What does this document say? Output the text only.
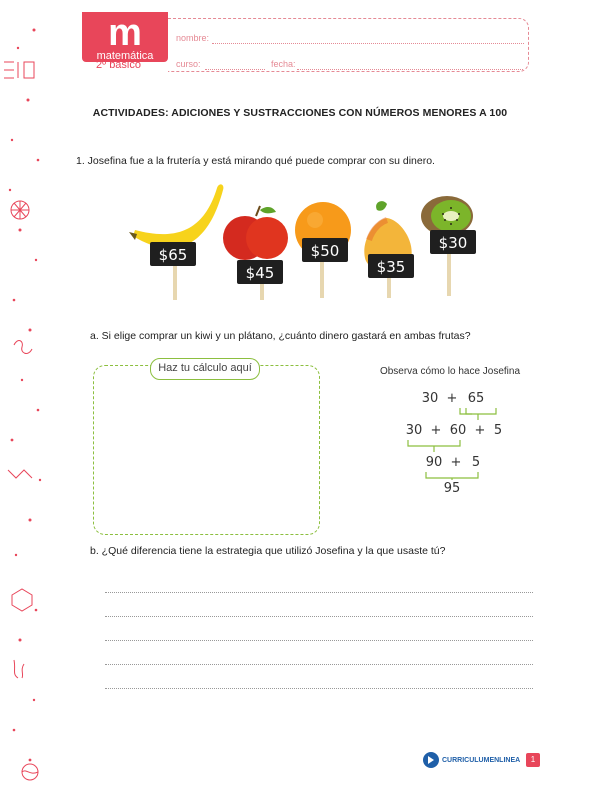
m
matemática
2º básico
nombre:
curso:	fecha:
ACTIVIDADES: ADICIONES Y SUSTRACCIONES CON NÚMEROS MENORES A 100
1. Josefina fue a la frutería y está mirando qué puede comprar con su dinero.
$65
$45
$50
$35
$30
a. Si elige comprar un kiwi y un plátano, ¿cuánto dinero gastará en ambas frutas?
Haz tu cálculo aquí	Observa cómo lo hace Josefina
30 + 65
30 + 60 + 5
90 + 5
95
b. ¿Qué diferencia tiene la estrategia que utilizó Josefina y la que usaste tú?
CURRICULUMENLINEA	1
